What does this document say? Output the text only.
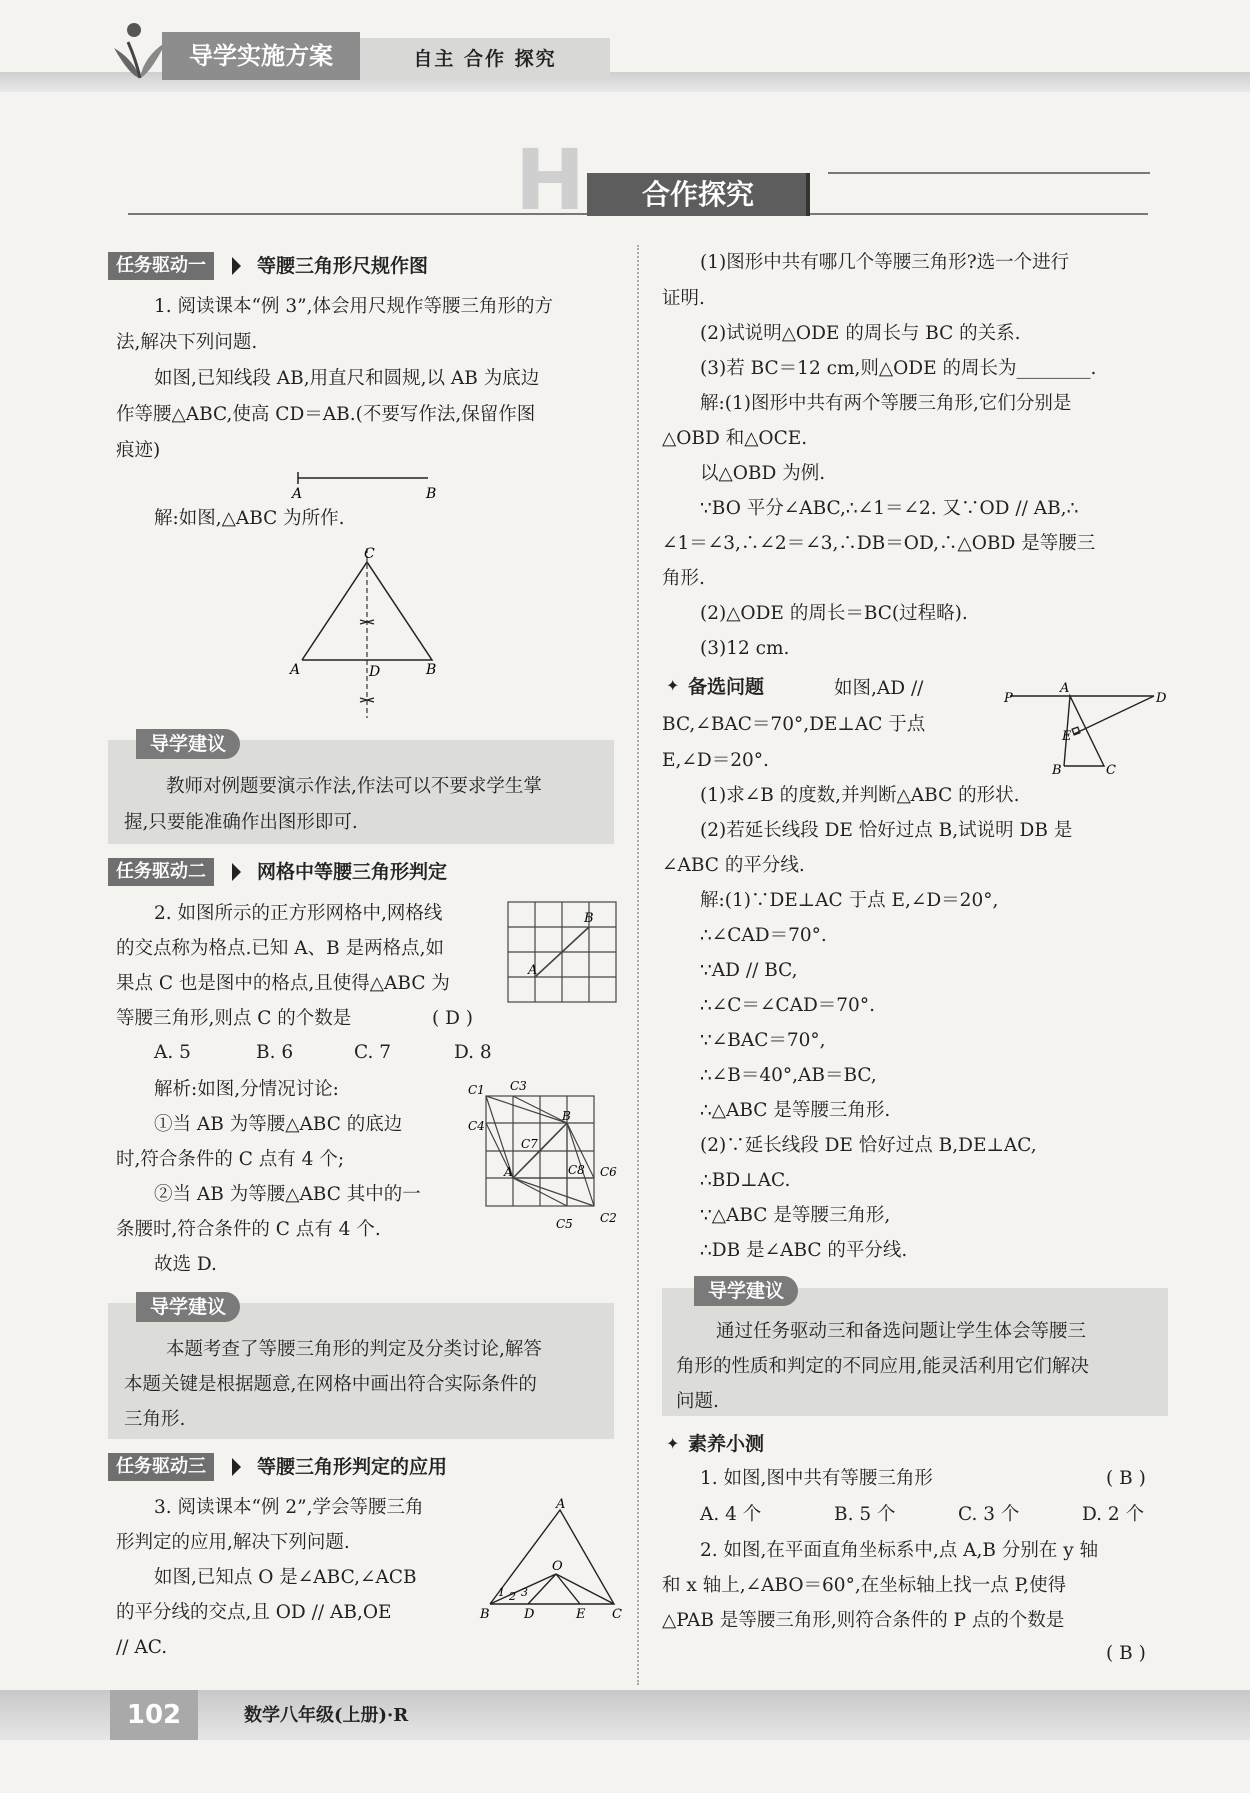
导学实施方案	自主 合作 探究
H	合作探究
任务驱动一	等腰三角形尺规作图
1. 阅读课本“例 3”,体会用尺规作等腰三角形的方
法,解决下列问题.
如图,已知线段 AB,用直尺和圆规,以 AB 为底边
作等腰△ABC,使高 CD＝AB.(不要写作法,保留作图
痕迹)
A	B
解:如图,△ABC 为所作.
C
A	D	B
导学建议
教师对例题要演示作法,作法可以不要求学生掌
握,只要能准确作出图形即可.
任务驱动二	网格中等腰三角形判定
2. 如图所示的正方形网格中,网格线
的交点称为格点.已知 A、B 是两格点,如
果点 C 也是图中的格点,且使得△ABC 为
等腰三角形,则点 C 的个数是	( D )
B
A
A. 5	B. 6	C. 7	D. 8
解析:如图,分情况讨论:
①当 AB 为等腰△ABC 的底边
时,符合条件的 C 点有 4 个;
②当 AB 为等腰△ABC 其中的一
条腰时,符合条件的 C 点有 4 个.
故选 D.
C1 C3
C4
B
C7
A	C8 C6
C5 C2
导学建议
本题考查了等腰三角形的判定及分类讨论,解答
本题关键是根据题意,在网格中画出符合实际条件的
三角形.
任务驱动三	等腰三角形判定的应用
3. 阅读课本“例 2”,学会等腰三角
形判定的应用,解决下列问题.
如图,已知点 O 是∠ABC,∠ACB
的平分线的交点,且 OD // AB,OE
// AC.
A
O
1 2 3
B	D	E C
(1)图形中共有哪几个等腰三角形?选一个进行
证明.
(2)试说明△ODE 的周长与 BC 的关系.
(3)若 BC＝12 cm,则△ODE 的周长为________.
解:(1)图形中共有两个等腰三角形,它们分别是
△OBD 和△OCE.
以△OBD 为例.
∵BO 平分∠ABC,∴∠1＝∠2. 又∵OD // AB,∴
∠1＝∠3,∴∠2＝∠3,∴DB＝OD,∴△OBD 是等腰三
角形.
(2)△ODE 的周长＝BC(过程略).
(3)12 cm.
✦ 备选问题	如图,AD //
BC,∠BAC＝70°,DE⊥AC 于点
E,∠D＝20°.
(1)求∠B 的度数,并判断△ABC 的形状.
(2)若延长线段 DE 恰好过点 B,试说明 DB 是
∠ABC 的平分线.
P
A
D
E
B	C
解:(1)∵DE⊥AC 于点 E,∠D＝20°,
∴∠CAD＝70°.
∵AD // BC,
∴∠C＝∠CAD＝70°.
∵∠BAC＝70°,
∴∠B＝40°,AB＝BC,
∴△ABC 是等腰三角形.
(2)∵延长线段 DE 恰好过点 B,DE⊥AC,
∴BD⊥AC.
∵△ABC 是等腰三角形,
∴DB 是∠ABC 的平分线.
导学建议
通过任务驱动三和备选问题让学生体会等腰三
角形的性质和判定的不同应用,能灵活利用它们解决
问题.
✦ 素养小测
1. 如图,图中共有等腰三角形	( B )
A. 4 个	B. 5 个	C. 3 个	D. 2 个
2. 如图,在平面直角坐标系中,点 A,B 分别在 y 轴
和 x 轴上,∠ABO＝60°,在坐标轴上找一点 P,使得
△PAB 是等腰三角形,则符合条件的 P 点的个数是
( B )
102	数学八年级(上册)·R
